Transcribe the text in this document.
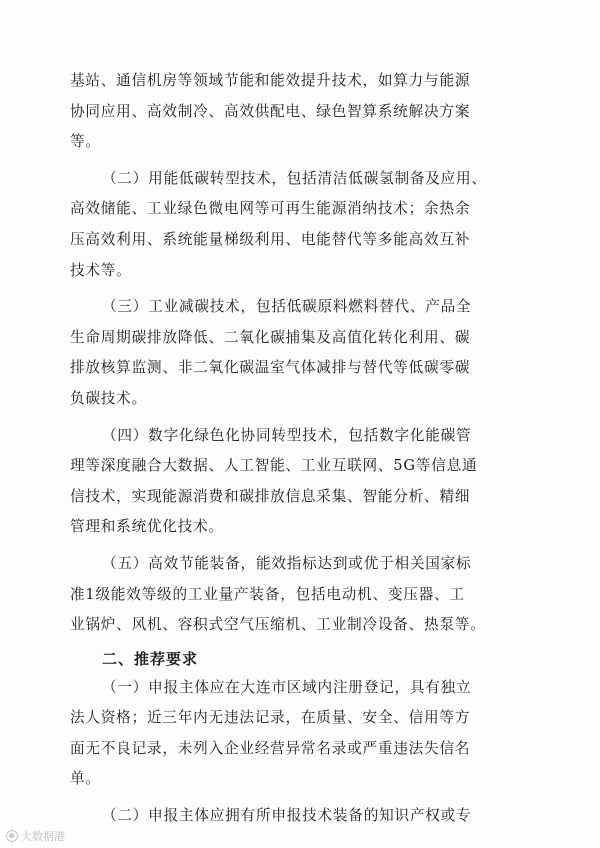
基站、通信机房等领域节能和能效提升技术，如算力与能源
协同应用、高效制冷、高效供配电、绿色智算系统解决方案
等。
（二）用能低碳转型技术，包括清洁低碳氢制备及应用、
高效储能、工业绿色微电网等可再生能源消纳技术；余热余
压高效利用、系统能量梯级利用、电能替代等多能高效互补
技术等。
（三）工业减碳技术，包括低碳原料燃料替代、产品全
生命周期碳排放降低、二氧化碳捕集及高值化转化利用、碳
排放核算监测、非二氧化碳温室气体减排与替代等低碳零碳
负碳技术。
（四）数字化绿色化协同转型技术，包括数字化能碳管
理等深度融合大数据、人工智能、工业互联网、5G等信息通
信技术，实现能源消费和碳排放信息采集、智能分析、精细
管理和系统优化技术。
（五）高效节能装备，能效指标达到或优于相关国家标
准1级能效等级的工业量产装备，包括电动机、变压器、工
业锅炉、风机、容积式空气压缩机、工业制冷设备、热泵等。
二、推荐要求
（一）申报主体应在大连市区域内注册登记，具有独立
法人资格；近三年内无违法记录，在质量、安全、信用等方
面无不良记录，未列入企业经营异常名录或严重违法失信名
单。
（二）申报主体应拥有所申报技术装备的知识产权或专
大数据港
